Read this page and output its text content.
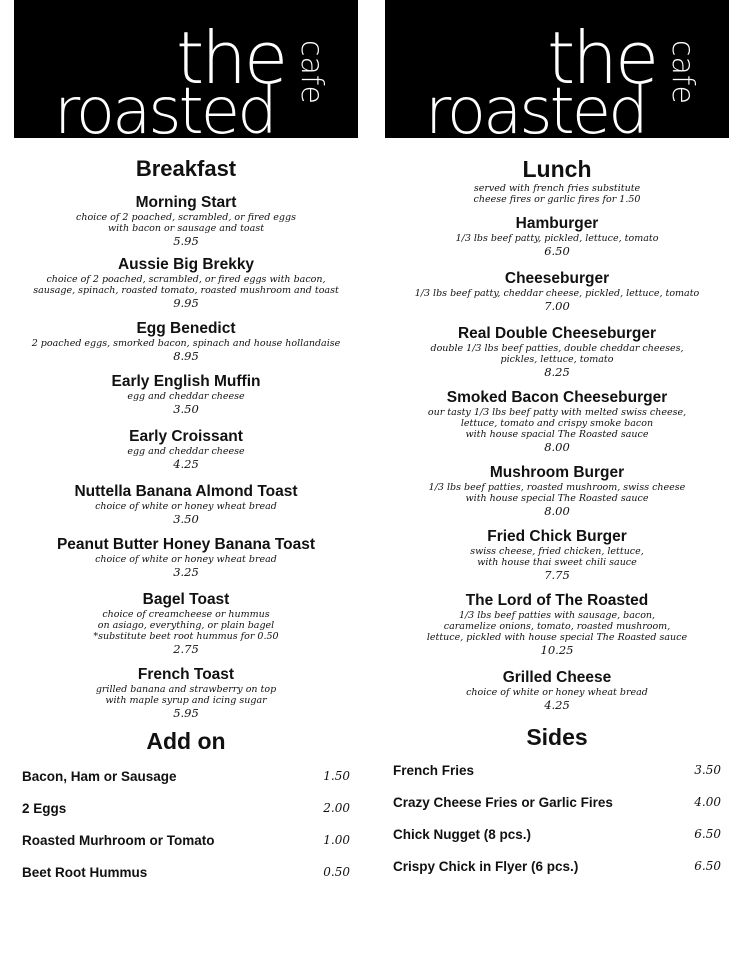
the
roasted
cafe
Breakfast
Morning Start
choice of 2 poached, scrambled, or fired eggs
with bacon or sausage and toast
5.95
Aussie Big Brekky
choice of 2 poached, scrambled, or fired eggs with bacon,
sausage, spinach, roasted tomato, roasted mushroom and toast
9.95
Egg Benedict
2 poached eggs, smorked bacon, spinach and house hollandaise
8.95
Early English Muffin
egg and cheddar cheese
3.50
Early Croissant
egg and cheddar cheese
4.25
Nuttella Banana Almond Toast
choice of white or honey wheat bread
3.50
Peanut Butter Honey Banana Toast
choice of white or honey wheat bread
3.25
Bagel Toast
choice of creamcheese or hummus
on asiago, everything, or plain bagel
*substitute beet root hummus for 0.50
2.75
French Toast
grilled banana and strawberry on top
with maple syrup and icing sugar
5.95
Add on
Bacon, Ham or Sausage	1.50
2 Eggs	2.00
Roasted Murhroom or Tomato	1.00
Beet Root Hummus	0.50
the
roasted
cafe
Lunch
served with french fries substitute
cheese fires or garlic fires for 1.50
Hamburger
1/3 lbs beef patty, pickled, lettuce, tomato
6.50
Cheeseburger
1/3 lbs beef patty, cheddar cheese, pickled, lettuce, tomato
7.00
Real Double Cheeseburger
double 1/3 lbs beef patties, double cheddar cheeses,
pickles, lettuce, tomato
8.25
Smoked Bacon Cheeseburger
our tasty 1/3 lbs beef patty with melted swiss cheese,
lettuce, tomato and crispy smoke bacon
with house spacial The Roasted sauce
8.00
Mushroom Burger
1/3 lbs beef patties, roasted mushroom, swiss cheese
with house special The Roasted sauce
8.00
Fried Chick Burger
swiss cheese, fried chicken, lettuce,
with house thai sweet chili sauce
7.75
The Lord of The Roasted
1/3 lbs beef patties with sausage, bacon,
caramelize onions, tomato, roasted mushroom,
lettuce, pickled with house special The Roasted sauce
10.25
Grilled Cheese
choice of white or honey wheat bread
4.25
Sides
French Fries	3.50
Crazy Cheese Fries or Garlic Fires	4.00
Chick Nugget (8 pcs.)	6.50
Crispy Chick in Flyer (6 pcs.)	6.50
